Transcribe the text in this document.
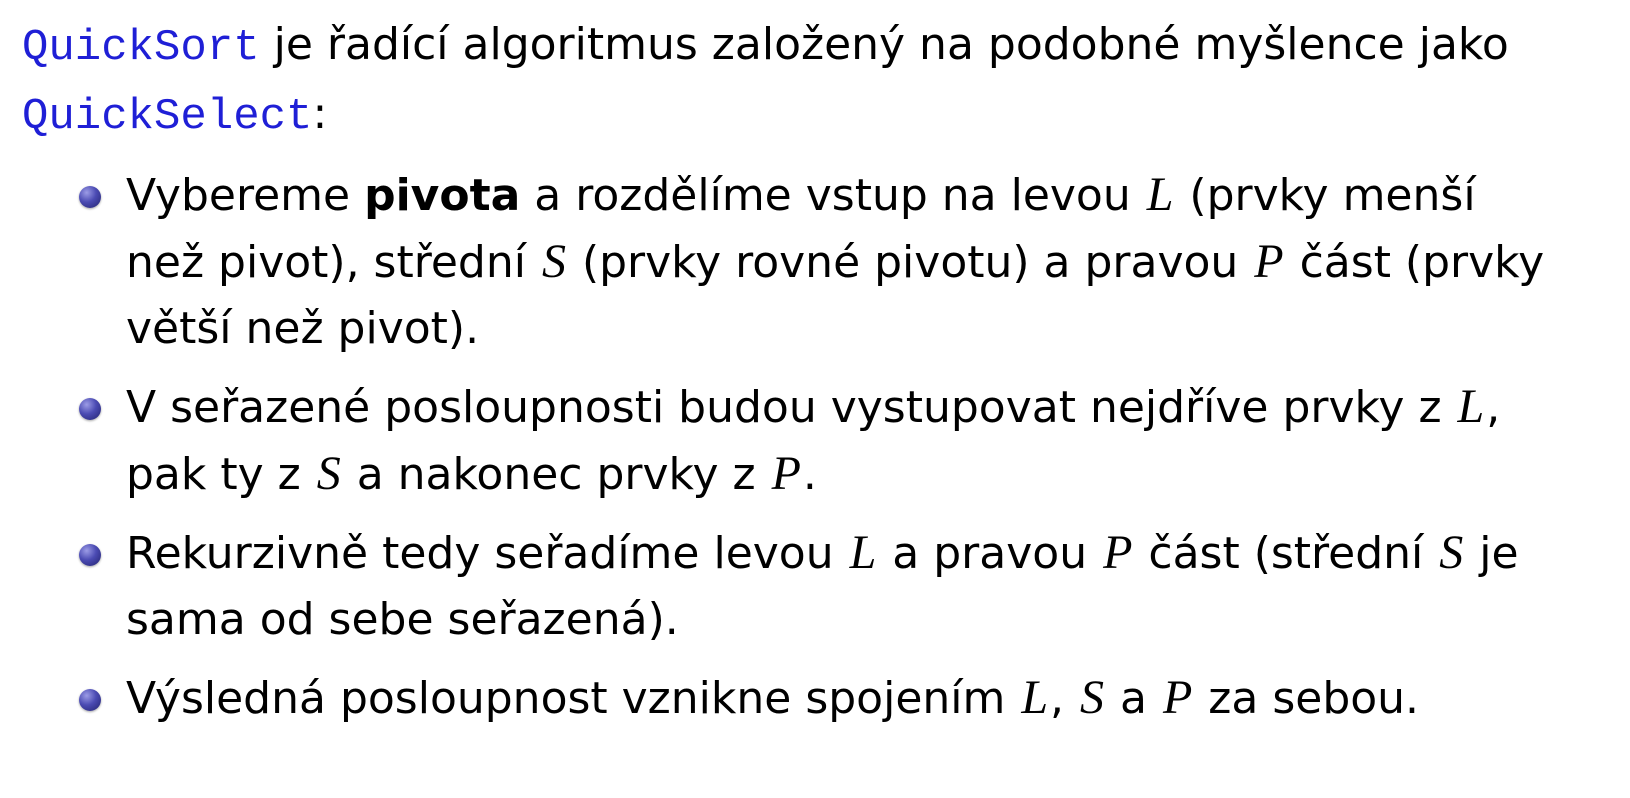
QuickSort je řadící algoritmus založený na podobné myšlence jako QuickSelect:

Vybereme pivota a rozdělíme vstup na levou L (prvky menší než pivot), střední S (prvky rovné pivotu) a pravou P část (prvky větší než pivot).
V seřazené posloupnosti budou vystupovat nejdříve prvky z L, pak ty z S a nakonec prvky z P.
Rekurzivně tedy seřadíme levou L a pravou P část (střední S je sama od sebe seřazená).
Výsledná posloupnost vznikne spojením L, S a P za sebou.
